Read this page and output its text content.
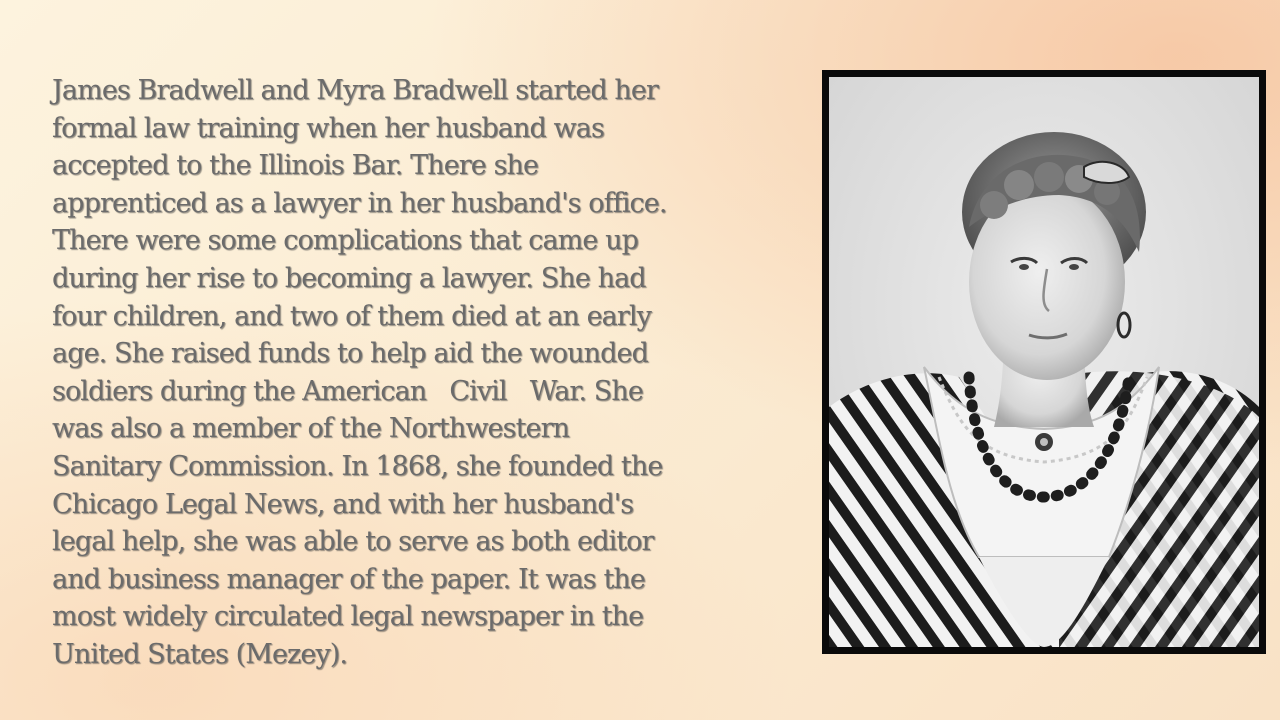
James Bradwell and Myra Bradwell started her
formal law training when her husband was
accepted to the Illinois Bar. There she
apprenticed as a lawyer in her husband's office.
There were some complications that came up
during her rise to becoming a lawyer. She had
four children, and two of them died at an early
age. She raised funds to help aid the wounded
soldiers during the American   Civil   War. She
was also a member of the Northwestern
Sanitary Commission. In 1868, she founded the
Chicago Legal News, and with her husband's
legal help, she was able to serve as both editor
and business manager of the paper. It was the
most widely circulated legal newspaper in the
United States (Mezey).
